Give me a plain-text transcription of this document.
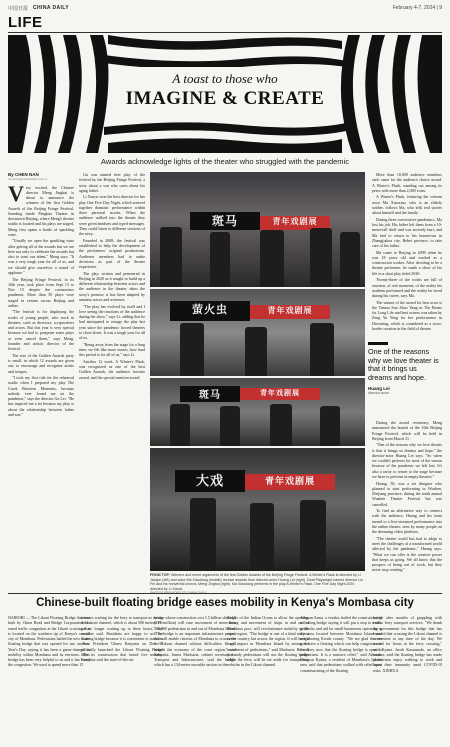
中国日报 CHINA DAILY	February 4-7, 2024 | 9
LIFE
A toast to those who
IMAGINE & CREATE
Awards acknowledge lights of the theater who struggled with the pandemic
By CHEN NAN
chennan@chinadaily.com.cn
V ery excited, the Chinese director Meng Jinghui is about to announce the winners of the first Golden Awards of the Beijing Fringe Festival. Standing inside Penghao Theater in downtown Beijing, where Meng's theater studio is located and his plays are staged, Meng first opens a bottle of sparkling wine.

"Usually we open the sparkling wine after getting all of the awards but we are here not only to celebrate the awards but also to toast our talent," Meng says. "It was a very tough year for all of us, and we should give ourselves a round of applause."

The Beijing Fringe Festival, in its 16th year, took place from Sept 13 to Nov 15 despite the coronavirus pandemic. More than 50 plays were staged in venues across Beijing and online.

"The festival is for displaying the works of young people, who work in theaters, such as directors, scriptwriters and actors. But this year is very special because we had to postpone some plays or even cancel them," says Meng, founder and artistic director of the festival.

The size of the Golden Awards party is small, in which 12 awards are given out, to encourage and recognize artists and troupes.

"I took my first ride for the rehearsal studio when I prepared my play The Crack Between Moments, because nobody ever found me on the pandemic," says the director Gu Lei. "He has inspired me a lot because my play is about the relationship between father and son."

Gu was named best play of the festival by the Beijing Fringe Festival, a story about a son who cares about his aging father.

Li Xiaoxi won the best director for her play One Five Day Night, which weaved together dramatic performance within three personal stories. When the audience walked into the theater they were given headsets and typed messages. They could listen to different versions of the story.

Founded in 2008, the festival was established to help the development of the performers' original productions. Audience members had to make decisions as part of the theater experience.

The play, written and premiered in Beijing in 2020 as it sought to build up a different relationship between actors and the audience in the theater, takes the story's premise is has been adapted by amateur actors and actresses.

"The play has evolved by itself and I love seeing the reactions of the audience during the show," says Li, adding that he had anticipated to restage the play last year since the pandemic forced theaters to close down. It was a tough year for all of us.

"Being away from the stage for a long time, we felt like more stories, how hard this period is for all of us," says Li.

Another 12 work, A Winter's Flask, was recognized as one of the best Golden Awards, the audience favorite award, and the special mention award.

斑马	青年戏剧展
萤火虫	青年戏剧展
斑马	青年戏剧展
大戏	青年戏剧展
FROM TOP: Winners and event organizers of the first Golden Awards of the Beijing Fringe Festival. A Winter's Flask is directed by Li Jianjun (left) and actor Ma Xiaodong (middle) receive awards from director-actor Huang Lei (right). Deaf Playwright named director Liu Fei and his nonverbal chorus; Meng Jinghui (right). Ma Xiaodong performs in the play A Winter's Flask, One Five Day Night 2020 directed by Li Xiaoxi.

More than 10,000 audience members each came for the audience choice award. A Winter's Flask, standing out among its peers with more than 2,000 votes.

A Winter's Flask, featuring the veteran actor Ma Xiaoxiao, who is an elderly soldier, follows Ma, who tells real stories about himself and the family.

During three consecutive pandemics, Ma lost his job. His father left them from a 10-meter-tall shelf and was severely hurt, and Ma had to return to his hometown in Zhangjiakou city, Hebei province, to take care of his father.

Ma came to Beijing in 2009 when he was 18 years old and worked as a construction worker. After deciding to be a theater performer, he made a show of his life in a short play titled 2020.

Twenty-three of the works are full of emotion, of real moments, of the reality his students performed and the reality he faced during his career, says Ma.

The winner of the award for best actor is the Tanmu Sun Zhao Yang in The Bones for Long Life and best actress was taken by Zeng Yu Yeng for her performance in Drowning, which is considered as a cross-border creation in the field of theater.

One of the reasons why we love theater is that it brings us dreams and hope.
Huang Lei
director-actor

During the award ceremony, Meng announced the launch of the 16th Beijing Fringe Festival, which will be held in Beijing from March 31.

"One of the reasons why we love theater is that it brings us dreams and hope," the director-actor Huang Lei says. "So when we couldn't perform for most of the season because of the pandemic we felt lost. It's also a rarity to return to the stage because we have to perform in empty theaters."

Huang, 50, was a set designer who planned to start performing in Wuzhen, Zhejiang province, during the tenth annual Wuzhen Theater Festival but was cancelled.

To find an alternative way to connect with the audience, Huang and his team turned to a live-streamed performance into the online theater, seen by many people on the dreaming video platform.

"The theater world has had to adapt to meet the challenges of a transformed world affected by the pandemic," Huang says. "What we can offer is the creative power that keeps us going. We all know that the prospect of being out of work, but they never stop creating."

Chinese-built floating bridge eases mobility in Kenya's Mombasa city
NAIROBI — The Likoni Floating Bridge that was built by China Road and Bridge Corporation has eased traffic congestion at the Likoni crossing that is located on the southern tip of Kenya's coastal city of Mombasa. Pedestrians hailed the new water floating bridge that was opened for use on New Year's Day, saying it has been a game-changer in mobility within Mombasa and its environs. "This bridge has been very helpful to us and it has eased the congestion. We used to spend more than 15
minutes waiting for the ferry to transport us across the Likoni channel, which is about 500 meters. We are no longer waiting up to three hours," one resident said. Residents are happy to use the floating bridge because it is convenient to travel to town. President Uhuru Kenyatta on Dec 30 officially launched the Likoni Floating Bridge after its construction that lasted five months. Kenyatta said the state-of-the-art
bridge whose construction cost 1.5 billion shillings ($17 million) will ease movement of more than 300,000 pedestrians in and out of Mombasa Island. "The bridge is an important infrastructure project that will enable citizens of Mombasa to cross over the Likoni channel without difficulties. It will benefit the economy of the coast region," said Kenyatta. James Macharia, cabinet secretary for Transport and Infrastructure, said the bridge, which has a 134-meter movable section in the
middle of the Indian Ocean to allow the opening, closing and movement of ships in and out of Mombasa port, will revolutionize mobility in the coast region. "The bridge is one of a kind not just in the country but across the region. It will have a huge impact in Mombasa Island by easing the movement of pedestrians," said Macharia. He said that only pedestrians will use the floating bridge while the ferry will be set aside for transporting vehicles in the Likoni channel.
Athman Asma, a vendor, hailed the construction of a floating bridge saying it will put a stop to traffic gridlocks and aid he small businesses operating in the area located between Mombasa Island and neighboring Kwale county. "We are glad that we now have a floating which can help congestion at the ferry now that the floating bridge is open to pedestrians. It is a massive relief," said Athman. Harrison Kyana, a resident of Mombasa's Likoni area, said that pedestrians walked with relief upon commissioning of the floating
bridge after months of grappling with erratic ferry transport services. "We thank the government for this bridge that has ensured that crossing the Likoni channel is convenient at any time of the day. We waited for hours at the ferry crossing," said Kyana. Jacob Kassamala, an office worker, said the floating bridge has made pedestrians enjoy walking to work and boost their immunity amid COVID-19 risks. XINHUA
